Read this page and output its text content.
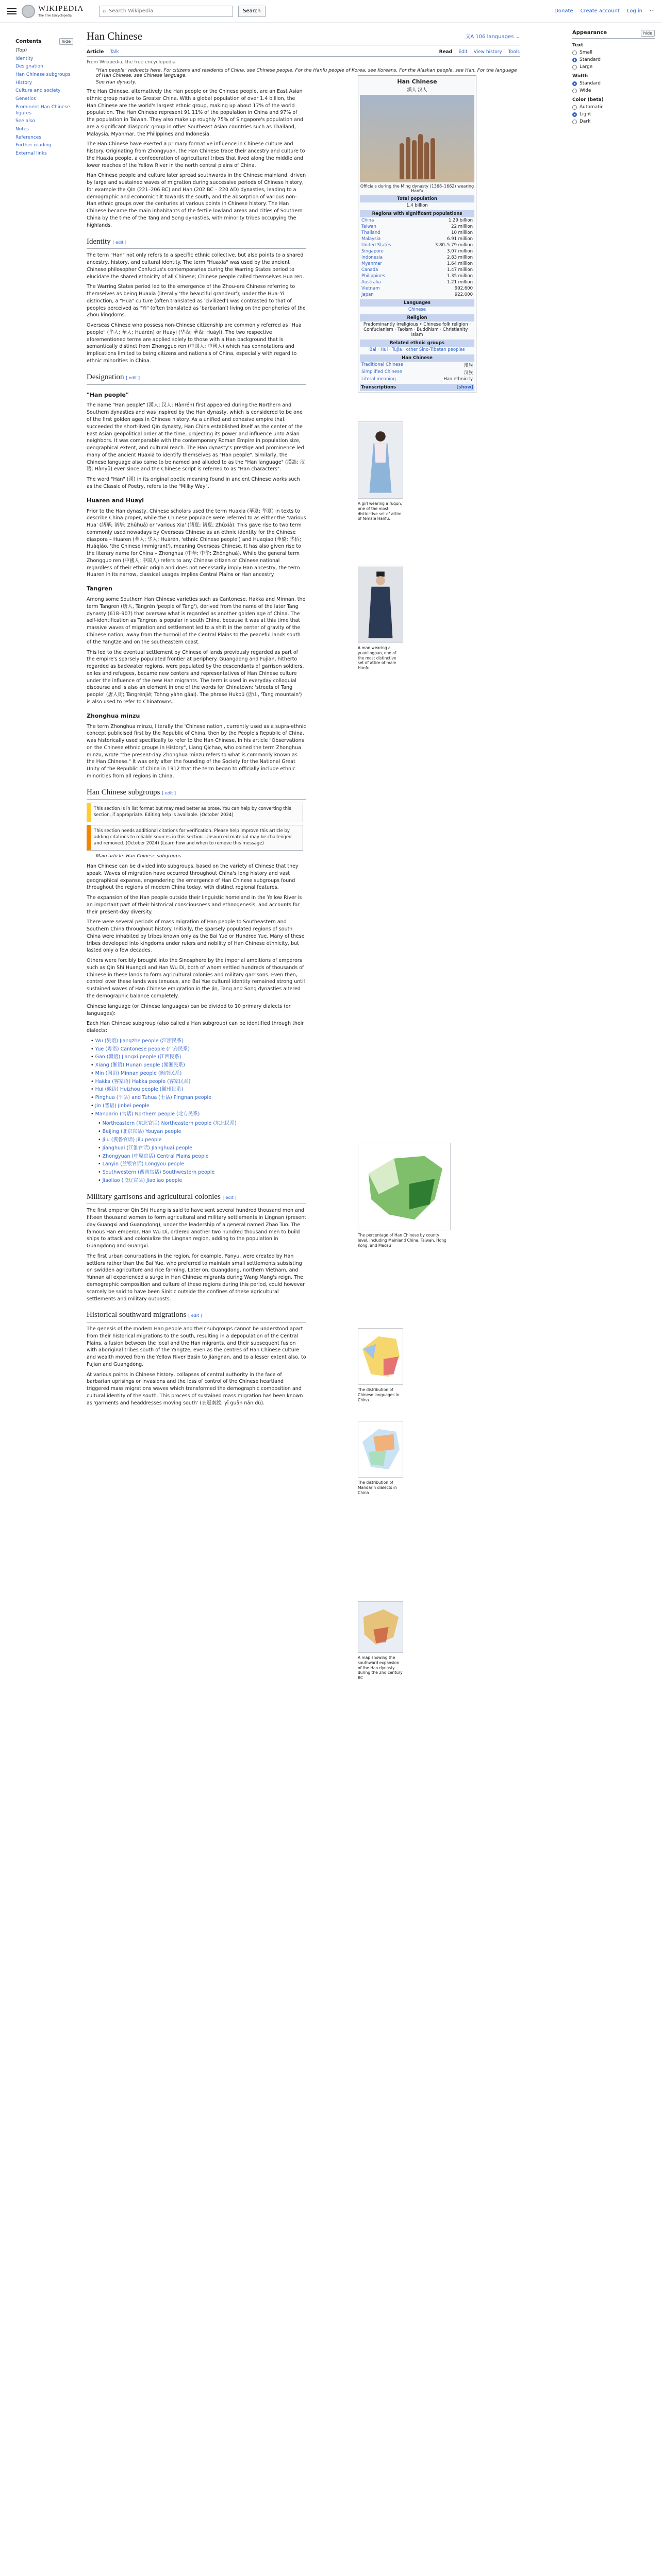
WIKIPEDIA
The Free Encyclopedia
⌕
Search Wikipedia	Search	Donate Create account Log in ⋯
Contents	hide
(Top)
Identity
Designation
Han Chinese subgroups
History
Culture and society
Genetics
Prominent Han Chinese figures
See also
Notes
References
Further reading
External links
Appearance	hide
Text
Small
Standard
Large
Width
Standard
Wide
Color (beta)
Automatic
Light
Dark
Han Chinese	文A 106 languages ⌄
Article Talk	Read Edit View history Tools
From Wikipedia, the free encyclopedia
"Han people" redirects here. For citizens and residents of China, see Chinese people. For the Hanfu people of Korea, see Koreans. For the Alaskan people, see Han. For the language of Han Chinese, see Chinese language.
See Han dynasty.

The Han Chinese, alternatively the Han people or the Chinese people, are an East Asian ethnic group native to Greater China. With a global population of over 1.4 billion, the Han Chinese are the world's largest ethnic group, making up about 17% of the world population. The Han Chinese represent 91.11% of the population in China and 97% of the population in Taiwan. They also make up roughly 75% of Singapore's population and are a significant diasporic group in other Southeast Asian countries such as Thailand, Malaysia, Myanmar, the Philippines and Indonesia.

The Han Chinese have exerted a primary formative influence in Chinese culture and history. Originating from Zhongyuan, the Han Chinese trace their ancestry and culture to the Huaxia people, a confederation of agricultural tribes that lived along the middle and lower reaches of the Yellow River in the north central plains of China.

Han Chinese people and culture later spread southwards in the Chinese mainland, driven by large and sustained waves of migration during successive periods of Chinese history, for example the Qin (221–206 BC) and Han (202 BC – 220 AD) dynasties, leading to a demographic and economic tilt towards the south, and the absorption of various non-Han ethnic groups over the centuries at various points in Chinese history. The Han Chinese became the main inhabitants of the fertile lowland areas and cities of Southern China by the time of the Tang and Song dynasties, with minority tribes occupying the highlands.

Identity [ edit ]

The term "Han" not only refers to a specific ethnic collective, but also points to a shared ancestry, history, and cultural identity. The term "Huaxia" was used by the ancient Chinese philosopher Confucius's contemporaries during the Warring States period to elucidate the shared ethnicity of all Chinese; Chinese people called themselves Hua ren.

The Warring States period led to the emergence of the Zhou-era Chinese referring to themselves as being Huaxia (literally 'the beautiful grandeur'); under the Hua–Yi distinction, a "Hua" culture (often translated as 'civilized') was contrasted to that of peoples perceived as "Yi" (often translated as 'barbarian') living on the peripheries of the Zhou kingdoms.

Overseas Chinese who possess non-Chinese citizenship are commonly referred as "Hua people" (华人; 華人; Huárén) or Huayi (华裔; 華裔; Huáyì). The two respective aforementioned terms are applied solely to those with a Han background that is semantically distinct from Zhongguo ren (中国人; 中國人) which has connotations and implications limited to being citizens and nationals of China, especially with regard to ethnic minorities in China.

Designation [ edit ]
"Han people"

The name "Han people" (漢人; 汉人; Hànrén) first appeared during the Northern and Southern dynasties and was inspired by the Han dynasty, which is considered to be one of the first golden ages in Chinese history. As a unified and cohesive empire that succeeded the short-lived Qin dynasty, Han China established itself as the center of the East Asian geopolitical order at the time, projecting its power and influence unto Asian neighbors. It was comparable with the contemporary Roman Empire in population size, geographical extent, and cultural reach. The Han dynasty's prestige and prominence led many of the ancient Huaxia to identify themselves as "Han people". Similarly, the Chinese language also came to be named and alluded to as the "Han language" (漢語; 汉语; Hànyǔ) ever since and the Chinese script is referred to as "Han characters".

The word "Han" (漢) in its original poetic meaning found in ancient Chinese works such as the Classic of Poetry, refers to the "Milky Way".

Huaren and Huayi

Prior to the Han dynasty, Chinese scholars used the term Huaxia (華夏; 华夏) in texts to describe China proper, while the Chinese populace were referred to as either the 'various Hua' (諸華; 诸华; Zhūhuá) or 'various Xia' (諸夏; 诸夏; Zhūxià). This gave rise to two term commonly used nowadays by Overseas Chinese as an ethnic identity for the Chinese diaspora – Huaren (華人; 华人; Huárén, 'ethnic Chinese people') and Huaqiao (華僑; 华侨; Huáqiáo, 'the Chinese immigrant'), meaning Overseas Chinese. It has also given rise to the literary name for China – Zhonghua (中華; 中华; Zhōnghuá). While the general term Zhongguo ren (中國人; 中国人) refers to any Chinese citizen or Chinese national regardless of their ethnic origin and does not necessarily imply Han ancestry, the term Huaren in its narrow, classical usages implies Central Plains or Han ancestry.

Tangren

Among some Southern Han Chinese varieties such as Cantonese, Hakka and Minnan, the term Tangren (唐人, Tángrén 'people of Tang'), derived from the name of the later Tang dynasty (618–907) that oversaw what is regarded as another golden age of China. The self-identification as Tangren is popular in south China, because it was at this time that massive waves of migration and settlement led to a shift in the center of gravity of the Chinese nation, away from the turmoil of the Central Plains to the peaceful lands south of the Yangtze and on the southeastern coast.

This led to the eventual settlement by Chinese of lands previously regarded as part of the empire's sparsely populated frontier at periphery. Guangdong and Fujian, hitherto regarded as backwater regions, were populated by the descendants of garrison soldiers, exiles and refugees, became new centers and representatives of Han Chinese culture under the influence of the new Han migrants. The term is used in everyday colloquial discourse and is also an element in one of the words for Chinatown: 'streets of Tang people' (唐人街; Tángrénjiē; Tòhng yàhn gāai). The phrase Hukbū (唐山, 'Tang mountain') is also used to refer to Chinatowns.

Zhonghua minzu

The term Zhonghua minzu, literally the 'Chinese nation', currently used as a supra-ethnic concept publicised first by the Republic of China, then by the People's Republic of China, was historically used specifically to refer to the Han Chinese. In his article "Observations on the Chinese ethnic groups in History", Liang Qichao, who coined the term Zhonghua minzu, wrote "the present-day Zhonghua minzu refers to what is commonly known as the Han Chinese." It was only after the founding of the Society for the National Great Unity of the Republic of China in 1912 that the term began to officially include ethnic minorities from all regions in China.

Han Chinese subgroups [ edit ]
This section is in list format but may read better as prose. You can help by converting this section, if appropriate. Editing help is available. (October 2024)
This section needs additional citations for verification. Please help improve this article by adding citations to reliable sources in this section. Unsourced material may be challenged and removed. (October 2024) (Learn how and when to remove this message)
Main article: Han Chinese subgroups

Han Chinese can be divided into subgroups, based on the variety of Chinese that they speak. Waves of migration have occurred throughout China's long history and vast geographical expanse, engendering the emergence of Han Chinese subgroups found throughout the regions of modern China today, with distinct regional features.

The expansion of the Han people outside their linguistic homeland in the Yellow River is an important part of their historical consciousness and ethnogenesis, and accounts for their present-day diversity.

There were several periods of mass migration of Han people to Southeastern and Southern China throughout history. Initially, the sparsely populated regions of south China were inhabited by tribes known only as the Bai Yue or Hundred Yue. Many of these tribes developed into kingdoms under rulers and nobility of Han Chinese ethnicity, but lasted only a few decades.

Others were forcibly brought into the Sinosphere by the imperial ambitions of emperors such as Qin Shi Huangdi and Han Wu Di, both of whom settled hundreds of thousands of Chinese in these lands to form agricultural colonies and military garrisons. Even then, control over these lands was tenuous, and Bai Yue cultural identity remained strong until sustained waves of Han Chinese emigration in the Jin, Tang and Song dynasties altered the demographic balance completely.

Chinese language (or Chinese languages) can be divided to 10 primary dialects (or languages):

Each Han Chinese subgroup (also called a Han subgroup) can be identified through their dialects:

• Wu (吴语) Jiangzhe people (江浙民系)
• Yue (粤语) Cantonese people (广府民系)
• Gan (赣语) Jiangxi people (江西民系)
• Xiang (湘语) Hunan people (湖湘民系)
• Min (闽语) Minnan people (闽南民系)
• Hakka (客家语) Hakka people (客家民系)
• Hui (徽语) Huizhou people (徽州民系)
• Pinghua (平话) and Tuhua (土话) Pingnan people
• Jin (晋语) Jinbei people
• Mandarin (官话) Northern people (北方民系)
• Northeastern (东北官话) Northeastern people (东北民系)
• Beijing (北京官话) Youyan people
• Jilu (冀鲁官话) Jilu people
• Jianghuai (江淮官话) Jianghuai people
• Zhongyuan (中原官话) Central Plains people
• Lanyin (兰银官话) Longyou people
• Southwestern (西南官话) Southwestern people
• Jiaoliao (胶辽官话) Jiaoliao people
Military garrisons and agricultural colonies [ edit ]

The first emperor Qin Shi Huang is said to have sent several hundred thousand men and fifteen thousand women to form agricultural and military settlements in Lingnan (present day Guangxi and Guangdong), under the leadership of a general named Zhao Tuo. The famous Han emperor, Han Wu Di, ordered another two hundred thousand men to build ships to attack and colonialize the Lingnan region, adding to the population in Guangdong and Guangxi.

The first urban conurbations in the region, for example, Panyu, were created by Han settlers rather than the Bai Yue, who preferred to maintain small settlements subsisting on swidden agriculture and rice farming. Later on, Guangdong, northern Vietnam, and Yunnan all experienced a surge in Han Chinese migrants during Wang Mang's reign. The demographic composition and culture of these regions during this period, could however scarcely be said to have been Sinitic outside the confines of these agricultural settlements and military outposts.

Historical southward migrations [ edit ]

The genesis of the modern Han people and their subgroups cannot be understood apart from their historical migrations to the south, resulting in a depopulation of the Central Plains, a fusion between the local and the Han migrants, and their subsequent fusion with aboriginal tribes south of the Yangtze, even as the centres of Han Chinese culture and wealth moved from the Yellow River Basin to Jiangnan, and to a lesser extent also, to Fujian and Guangdong.

At various points in Chinese history, collapses of central authority in the face of barbarian uprisings or invasions and the loss of control of the Chinese heartland triggered mass migrations waves which transformed the demographic composition and cultural identity of the south. This process of sustained mass migration has been known as 'garments and headdresses moving south' (衣冠南渡; yī guān nán dù).

Han Chinese
漢人 汉人
Officials during the Ming dynasty (1368–1662) wearing Hanfu
Total population
1.4 billion
Regions with significant populations
China	1.29 billion
Taiwan	22 million
Thailand	10 million
Malaysia	6.91 million
United States	3.80–5.79 million
Singapore	3.07 million
Indonesia	2.83 million
Myanmar	1.64 million
Canada	1.47 million
Philippines	1.35 million
Australia	1.21 million
Vietnam	992,600
Japan	922,000
Languages
Chinese
Religion
Predominantly Irreligious • Chinese folk religion · Confucianism · Taoism · Buddhism · Christianity · Islam
Related ethnic groups
Bai · Hui · Tujia · other Sino-Tibetan peoples
Han Chinese
Traditional Chinese	漢族
Simplified Chinese	汉族
Literal meaning	Han ethnicity
Transcriptions	[show]
A girl wearing a ruqun, one of the most distinctive set of attire of female Hanfu.
A man wearing a yuanlingpao, one of the most distinctive set of attire of male Hanfu.
The percentage of Han Chinese by county level, including Mainland China, Taiwan, Hong Kong, and Macau
The distribution of Chinese languages in China
The distribution of Mandarin dialects in China
A map showing the southward expansion of the Han dynasty during the 2nd century BC
